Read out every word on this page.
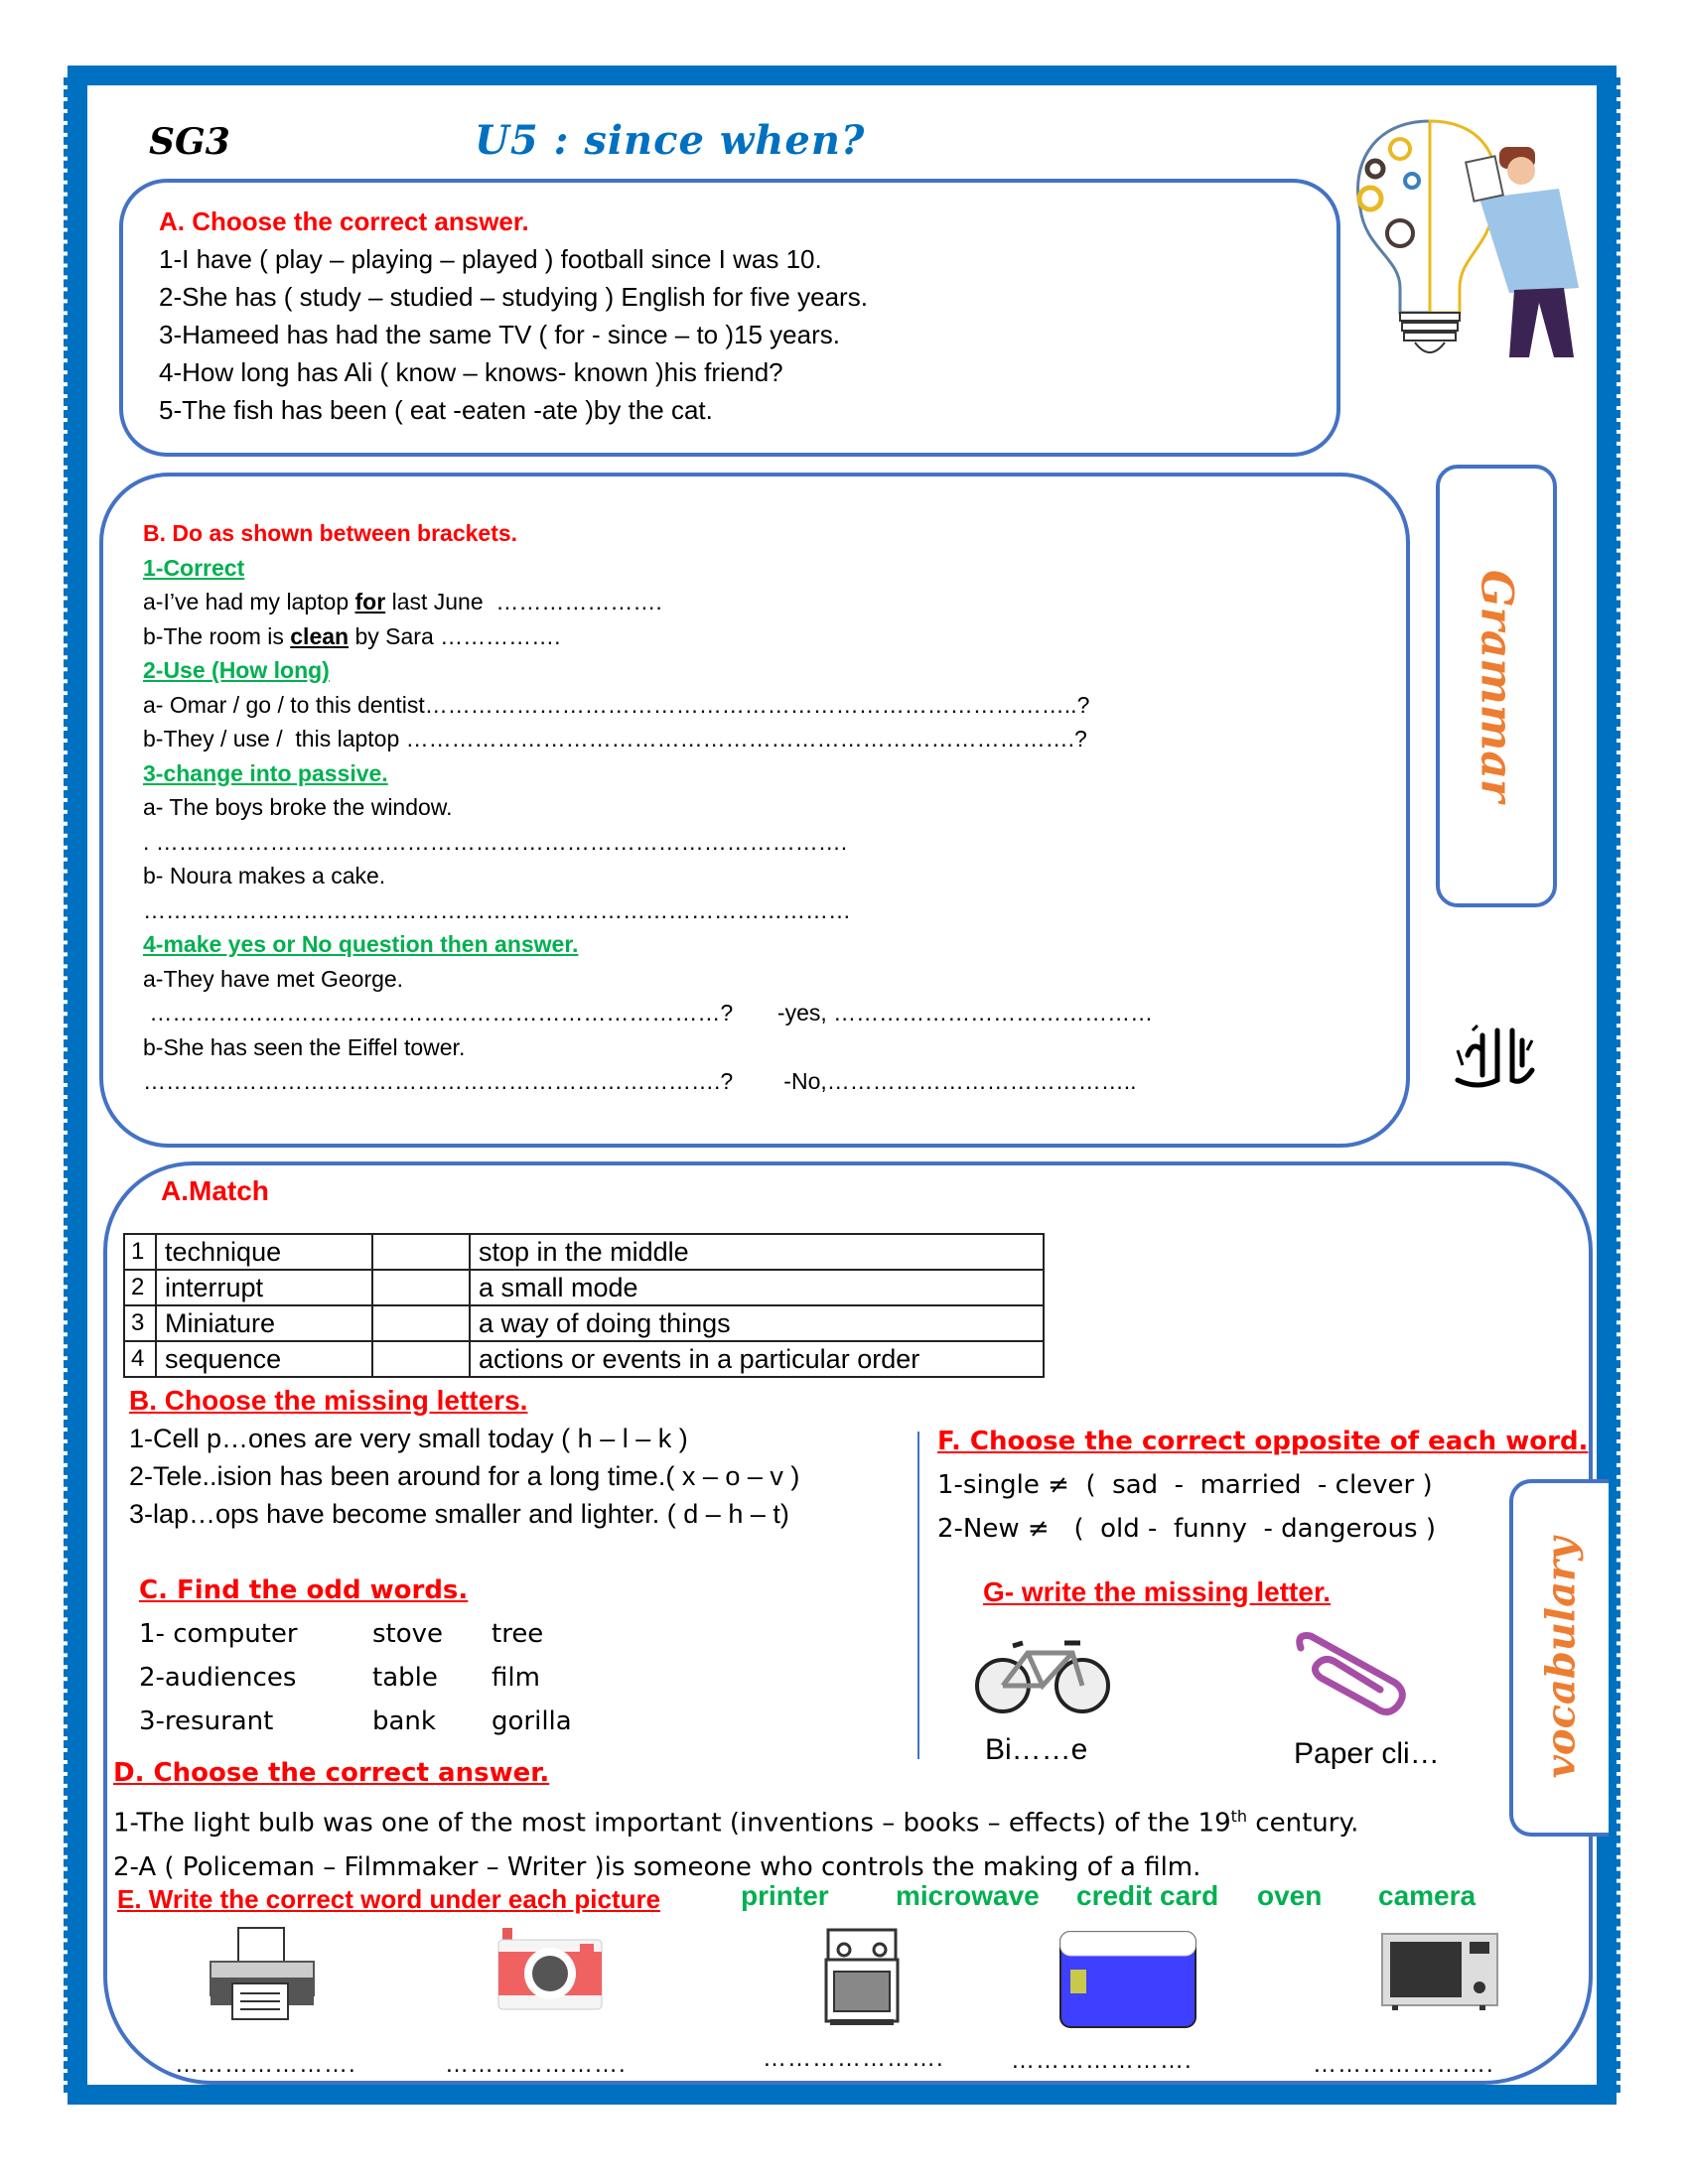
SG3	U5 : since when?
A. Choose the correct answer.
1-I have ( play – playing – played ) football since I was 10.
2-She has ( study – studied – studying ) English for five years.
3-Hameed has had the same TV ( for - since – to )15 years.
4-How long has Ali ( know – knows- known )his friend?
5-The fish has been ( eat -eaten -ate )by the cat.
B. Do as shown between brackets.
1-Correct
a-I’ve had my laptop for last June  ………………….
b-The room is clean by Sara …………….
2-Use (How long)
a- Omar / go / to this dentist…………………………………………………………………………..?
b-They / use /  this laptop …………………………………………………………………………….?
3-change into passive.
a- The boys broke the window.
. ……………………………………………………………………………….
b- Noura makes a cake.
…………………………………………………………………………………
4-make yes or No question then answer.
a-They have met George.
…………………………………………………………………?       -yes, ……………………………………
b-She has seen the Eiffel tower.
………………………………………………………………….?        -No,…………………………………..
Grammar
A.Match
1	technique		stop in the middle
2	interrupt		a small mode
3	Miniature		a way of doing things
4	sequence		actions or events in a particular order
B. Choose the missing letters.
1-Cell p…ones are very small today ( h – l – k )
2-Tele..ision has been around for a long time.( x – o – v )
3-lap…ops have become smaller and lighter. ( d – h – t)
C. Find the odd words.
1- computer	stove	tree
2-audiences	table	film
3-resurant	bank	gorilla
F. Choose the correct opposite of each word.
1-single ≠  (  sad  -  married  - clever )
2-New ≠   (  old -  funny  - dangerous )
G- write the missing letter.
Bi……e	Paper cli… vocabulary
D. Choose the correct answer.
1-The light bulb was one of the most important (inventions – books – effects) of the 19th century.
2-A ( Policeman – Filmmaker – Writer )is someone who controls the making of a film.
E. Write the correct word under each picture	printer microwave credit card oven camera
………………….	………………….	………………….	………………….	………………….
